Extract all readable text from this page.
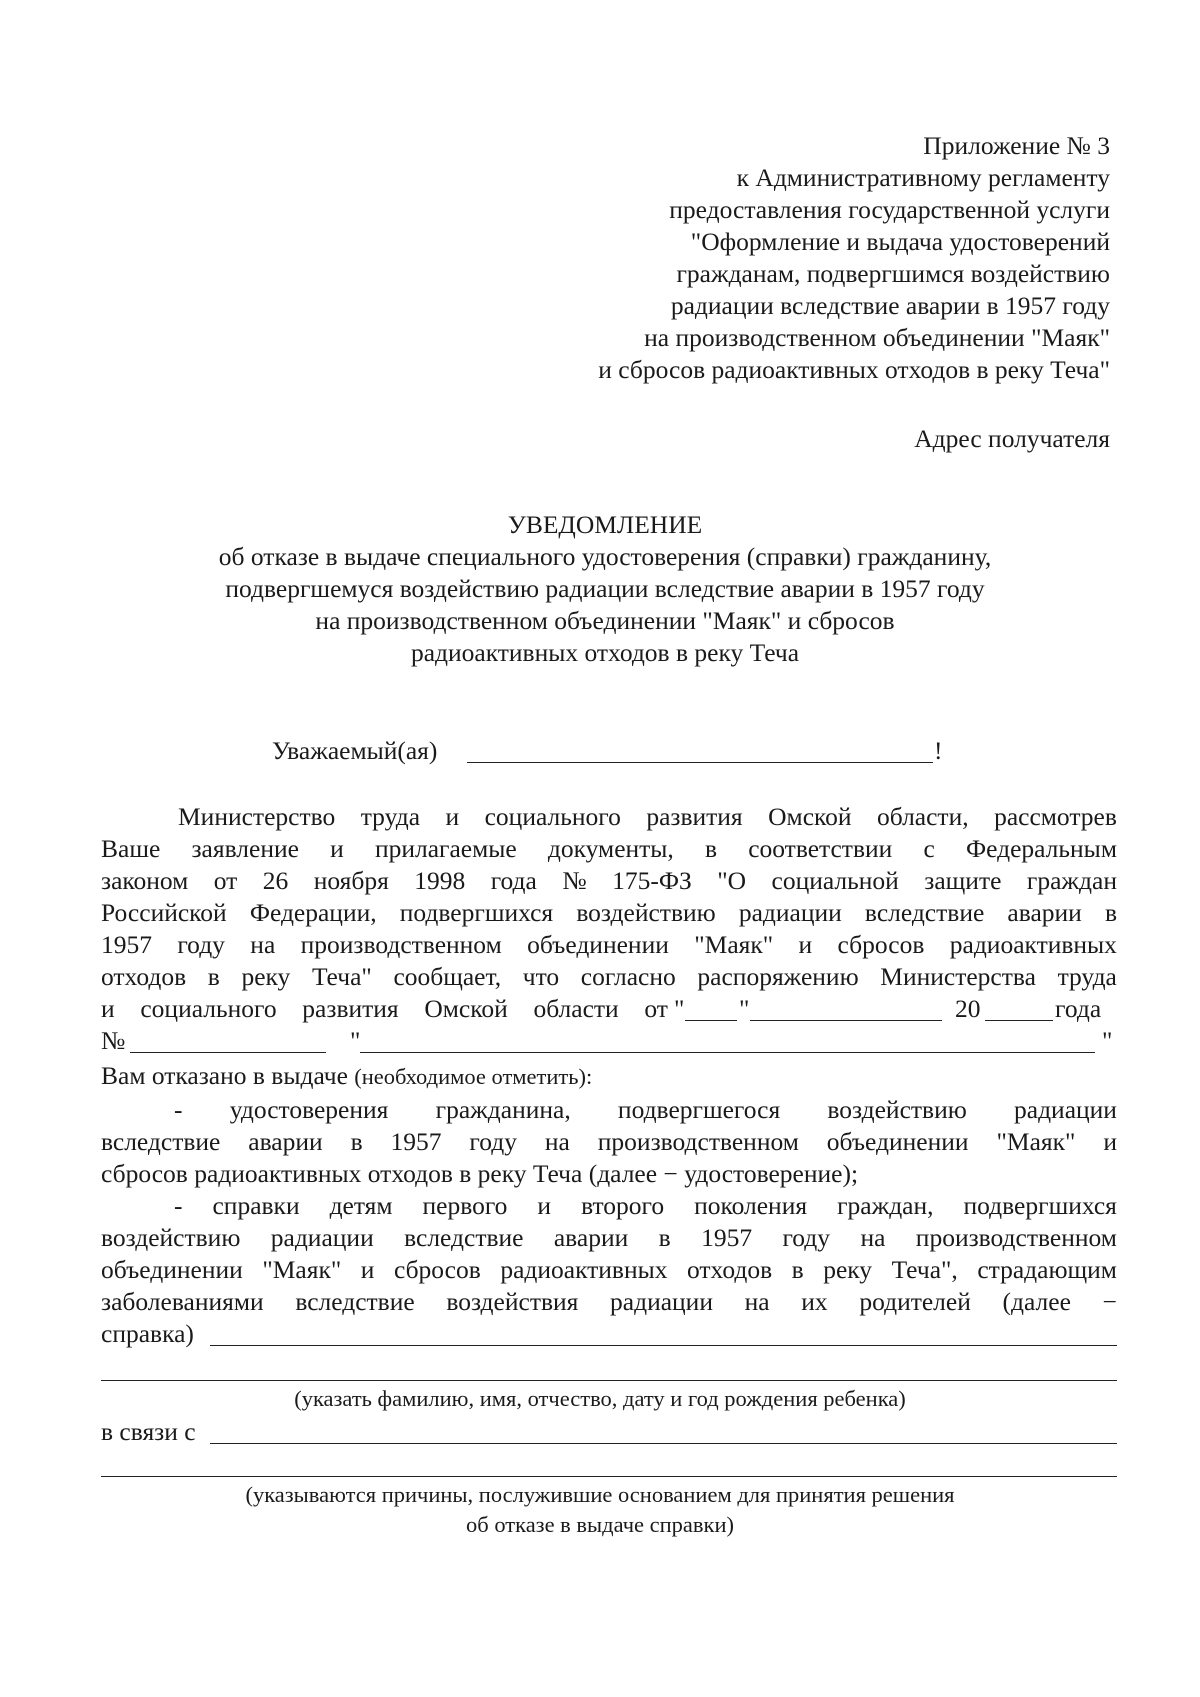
Приложение № 3
к Административному регламенту
предоставления государственной услуги
"Оформление и выдача удостоверений
гражданам, подвергшимся воздействию
радиации вследствие аварии в 1957 году
на производственном объединении "Маяк"
и сбросов радиоактивных отходов в реку Теча"
Адрес получателя
УВЕДОМЛЕНИЕ
об отказе в выдаче специального удостоверения (справки) гражданину,
подвергшемуся воздействию радиации вследствие аварии в 1957 году
на производственном объединении "Маяк" и сбросов
радиоактивных отходов в реку Теча
Уважаемый(ая)	!
Министерство труда и социального развития Омской области, рассмотрев
Ваше заявление и прилагаемые документы, в соответствии с Федеральным
законом от 26 ноября 1998 года № 175-ФЗ "О социальной защите граждан
Российской Федерации, подвергшихся воздействию радиации вследствие аварии в
1957 году на производственном объединении "Маяк" и сбросов радиоактивных
отходов в реку Теча" сообщает, что согласно распоряжению Министерства труда
и социального развития Омской области от " "	20	года
№	"	"
Вам отказано в выдаче (необходимое отметить):
- удостоверения гражданина, подвергшегося воздействию радиации
вследствие аварии в 1957 году на производственном объединении "Маяк" и
сбросов радиоактивных отходов в реку Теча (далее − удостоверение);
- справки детям первого и второго поколения граждан, подвергшихся
воздействию радиации вследствие аварии в 1957 году на производственном
объединении "Маяк" и сбросов радиоактивных отходов в реку Теча", страдающим
заболеваниями вследствие воздействия радиации на их родителей (далее −
справка)
(указать фамилию, имя, отчество, дату и год рождения ребенка)
в связи с
(указываются причины, послужившие основанием для принятия решения
об отказе в выдаче справки)
